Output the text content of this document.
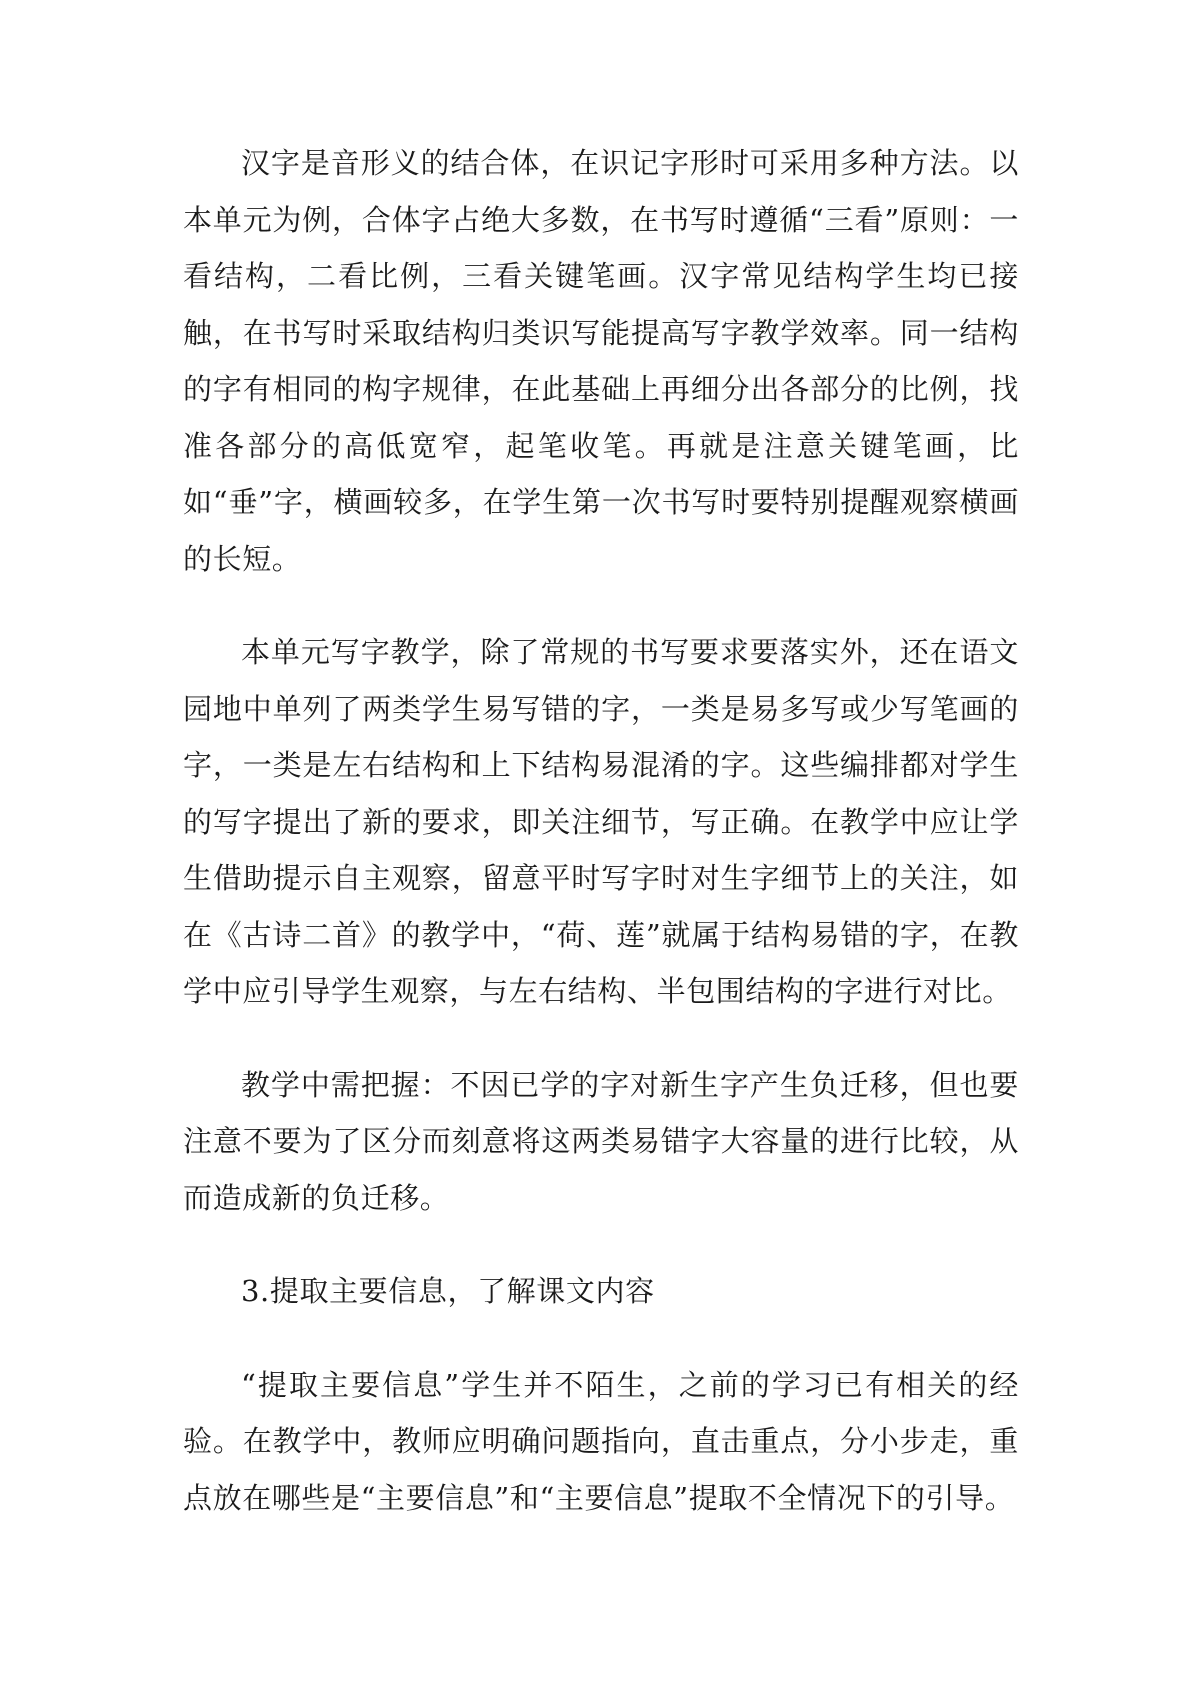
汉字是音形义的结合体，在识记字形时可采用多种方法。以本单元为例，合体字占绝大多数，在书写时遵循“三看”原则：一看结构，二看比例，三看关键笔画。汉字常见结构学生均已接触，在书写时采取结构归类识写能提高写字教学效率。同一结构的字有相同的构字规律，在此基础上再细分出各部分的比例，找准各部分的高低宽窄，起笔收笔。再就是注意关键笔画，比如“垂”字，横画较多，在学生第一次书写时要特别提醒观察横画的长短。

本单元写字教学，除了常规的书写要求要落实外，还在语文园地中单列了两类学生易写错的字，一类是易多写或少写笔画的字，一类是左右结构和上下结构易混淆的字。这些编排都对学生的写字提出了新的要求，即关注细节，写正确。在教学中应让学生借助提示自主观察，留意平时写字时对生字细节上的关注，如在《古诗二首》的教学中，“荷、莲”就属于结构易错的字，在教学中应引导学生观察，与左右结构、半包围结构的字进行对比。

教学中需把握：不因已学的字对新生字产生负迁移，但也要注意不要为了区分而刻意将这两类易错字大容量的进行比较，从而造成新的负迁移。

3.提取主要信息，了解课文内容

“提取主要信息”学生并不陌生，之前的学习已有相关的经验。在教学中，教师应明确问题指向，直击重点，分小步走，重点放在哪些是“主要信息”和“主要信息”提取不全情况下的引导。
